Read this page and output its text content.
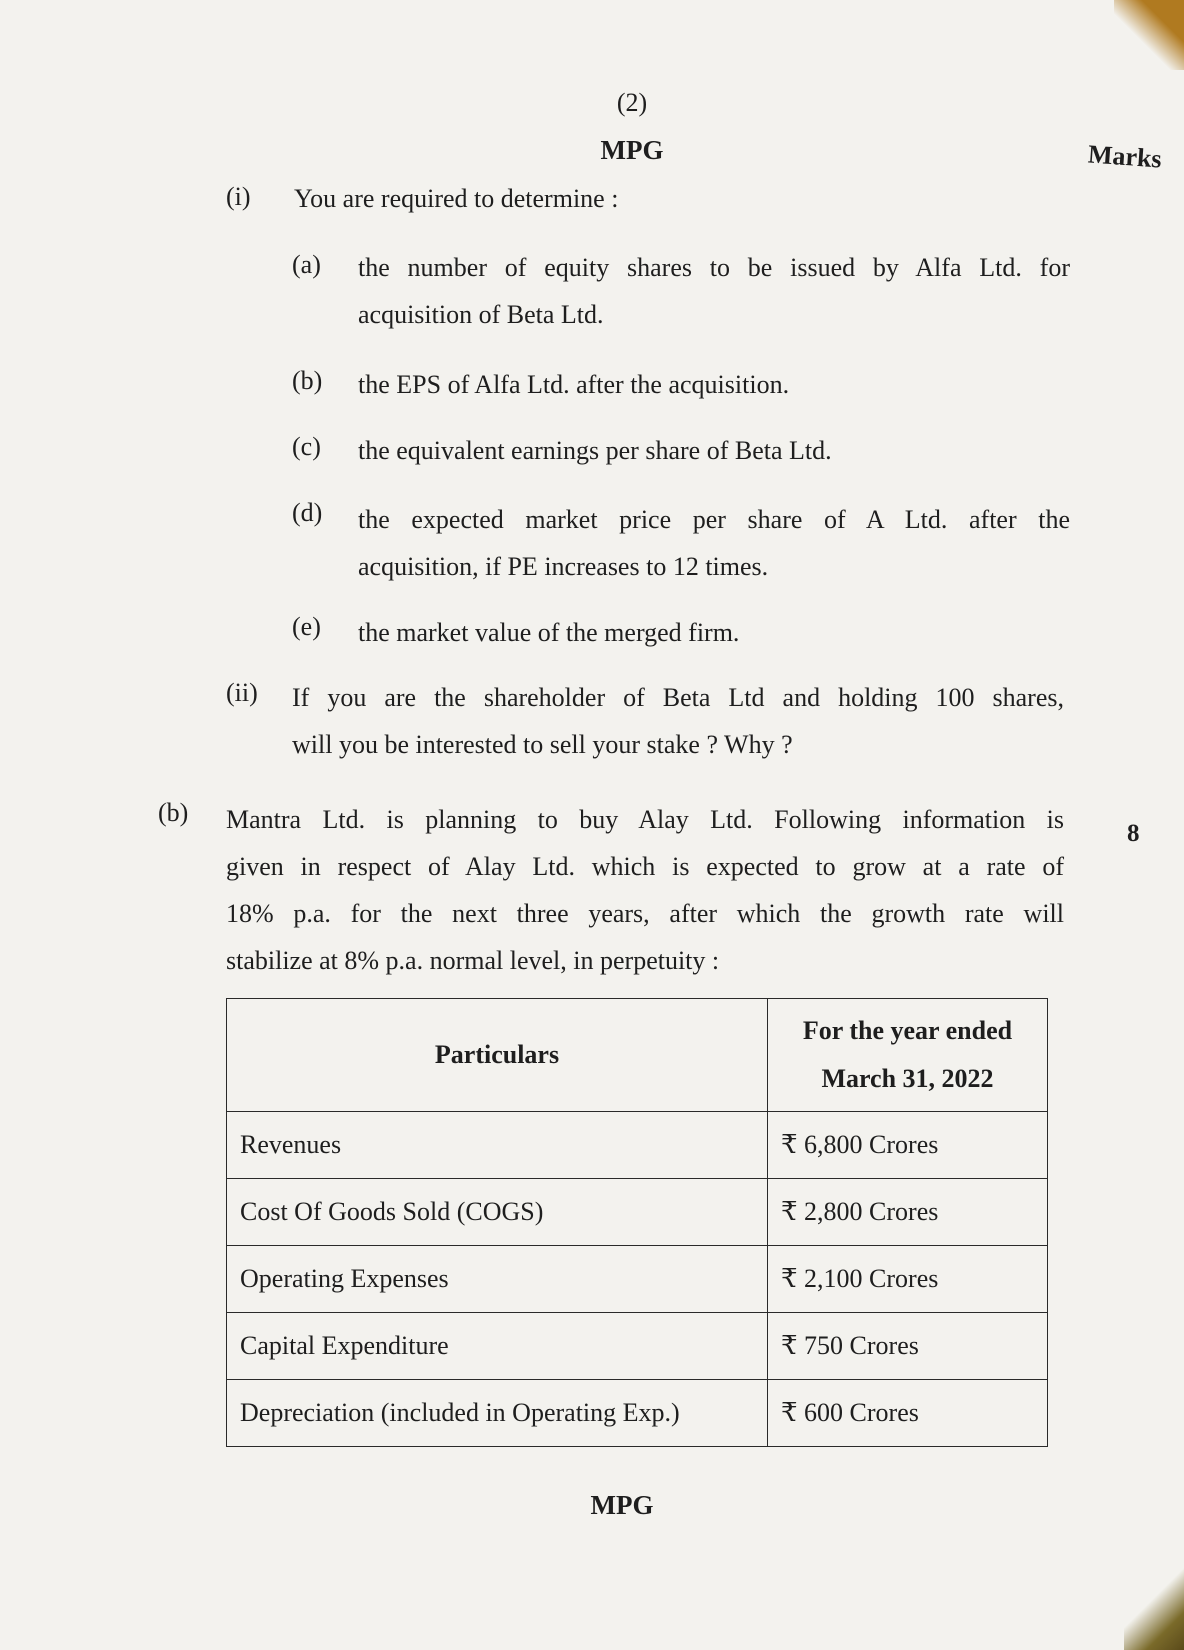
(2)

MPG	Marks

(i) You are required to determine :

(a) the number of equity shares to be issued by Alfa Ltd. for
acquisition of Beta Ltd.

(b) the EPS of Alfa Ltd. after the acquisition.

(c) the equivalent earnings per share of Beta Ltd.

(d) the expected market price per share of A Ltd. after the
acquisition, if PE increases to 12 times.

(e) the market value of the merged firm.

(ii) If you are the shareholder of Beta Ltd and holding 100 shares,
will you be interested to sell your stake ? Why ?

(b) Mantra Ltd. is planning to buy Alay Ltd. Following information is
given in respect of Alay Ltd. which is expected to grow at a rate of
18% p.a. for the next three years, after which the growth rate will
stabilize at 8% p.a. normal level, in perpetuity :

8

Particulars	For the year ended
March 31, 2022

Revenues	₹ 6,800 Crores
Cost Of Goods Sold (COGS)	₹ 2,800 Crores
Operating Expenses	₹ 2,100 Crores
Capital Expenditure	₹ 750 Crores
Depreciation (included in Operating Exp.)	₹ 600 Crores

MPG
